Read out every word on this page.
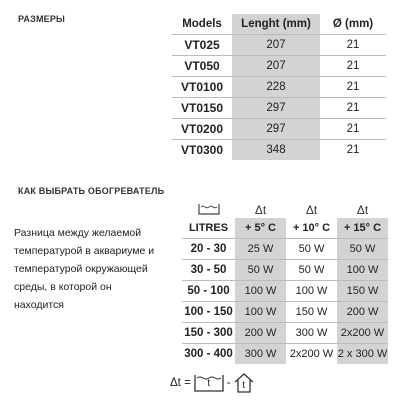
РАЗМЕРЫ	Models	Lenght (mm)	Ø (mm)
VT025	207	21
VT050	207	21
VT0100	228	21
VT0150	297	21
VT0200	297	21
VT0300	348	21
КАК ВЫБРАТЬ ОБОГРЕВАТЕЛЬ
Разница между желаемой температурой в аквариуме и температурой окружающей среды, в которой он находится
	Δt	Δt	Δt
LITRES	+ 5° C	+ 10° C	+ 15° C
20 - 30	25 W	50 W	50 W
30 - 50	50 W	50 W	100 W
50 - 100	100 W	100 W	150 W
100 - 150	100 W	150 W	200 W
150 - 300	200 W	300 W	2x200 W
300 - 400	300 W	2x200 W	2 x 300 W
Δt =	t	-	t
